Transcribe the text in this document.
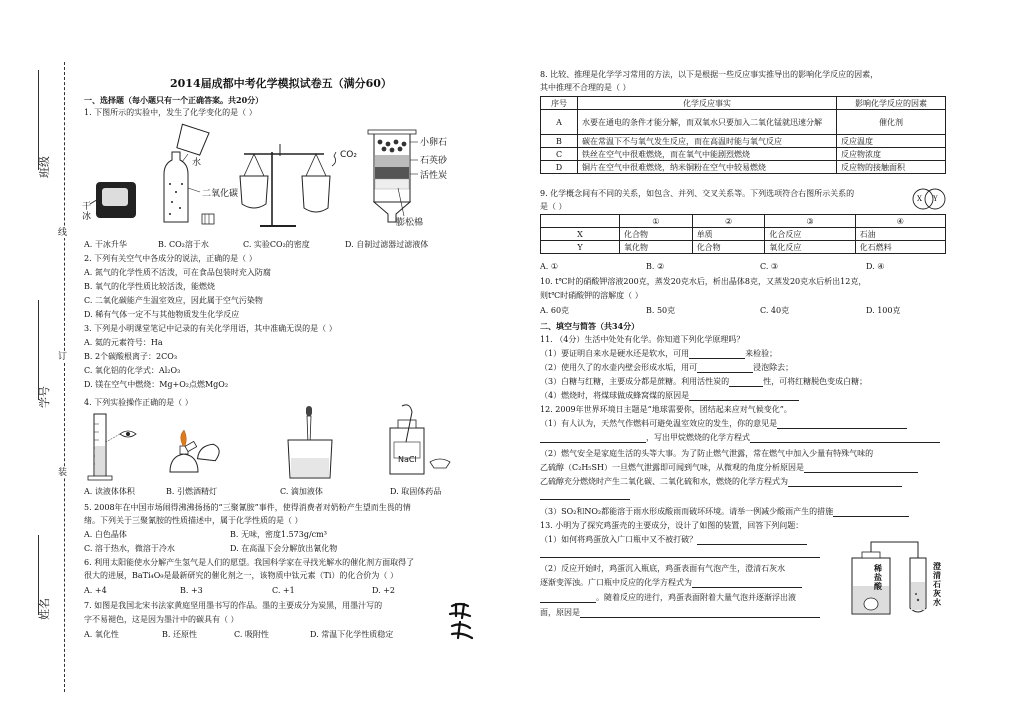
班级
学号
姓名
线
订
装
2014届成都中考化学模拟试卷五（满分60）
一、选择题（每小题只有一个正确答案。共20分）
1. 下图所示的实验中，发生了化学变化的是（ ）
干冰
水
二氧化碳
CO₂
小卵石
石英砂
活性炭
膨松棉
A. 干冰升华	B. CO₂溶于水	C. 实验CO₂的密度	D. 自制过滤器过滤液体
2. 下列有关空气中各成分的说法，正确的是（ ）
A. 氮气的化学性质不活泼，可在食品包装时充入防腐
B. 氧气的化学性质比较活泼，能燃烧
C. 二氧化碳能产生温室效应，因此属于空气污染物
D. 稀有气体一定不与其他物质发生化学反应
3. 下列是小明课堂笔记中记录的有关化学用语，其中准确无误的是（ ）
A. 氦的元素符号：Ha
B. 2个碳酸根离子：2CO₃
C. 氧化铝的化学式：Al₂O₃
D. 镁在空气中燃烧：Mg+O₂点燃MgO₂
4. 下列实验操作正确的是（ ）
NaCl
A. 读液体体积	B. 引燃酒精灯	C. 滴加液体	D. 取固体药品
5. 2008年在中国市场闹得沸沸扬扬的“三聚氰胺”事件，使得消费者对奶粉产生望而生畏的情
绪。下列关于三聚氰胺的性质描述中，属于化学性质的是（ ）
A. 白色晶体	B. 无味，密度1.573g/cm³
C. 溶于热水，微溶于冷水	D. 在高温下会分解放出氰化物
6. 利用太阳能使水分解产生氢气是人们的愿望。我国科学家在寻找光解水的催化剂方面取得了
很大的进展，BaTi₄O₉是最新研究的催化剂之一，该物质中钛元素（Ti）的化合价为（ ）
A. +4	B. +3	C. +1	D. +2
7. 如图是我国北宋书法家黄庭坚用墨书写的作品。墨的主要成分为炭黑，用墨汁写的
字不易褪色，这是因为墨汁中的碳具有（ ）
A. 氧化性	B. 还原性	C. 吸附性	D. 常温下化学性质稳定
8. 比较、推理是化学学习常用的方法，以下是根据一些反应事实推导出的影响化学反应的因素，
其中推理不合理的是（ ）
序号	化学反应事实	影响化学反应的因素
A	水要在通电的条件才能分解，而双氧水只要加入二氧化锰就迅速分解	催化剂
B	碳在常温下不与氧气发生反应，而在高温时能与氧气反应	反应温度
C	铁丝在空气中很难燃烧，而在氧气中能剧烈燃烧	反应物浓度
D	铜片在空气中很难燃烧，纳米铜粉在空气中较易燃烧	反应物的接触面积
9. 化学概念间有不同的关系，如包含、并列、交叉关系等。下列选项符合右图所示关系的
是（ ）
X Y
	①	②	③	④
X	化合物	单质	化合反应	石油
Y	氧化物	化合物	氧化反应	化石燃料
A. ①	B. ②	C. ③	D. ④
10. t℃时的硝酸钾溶液200克，蒸发20克水后，析出晶体8克，又蒸发20克水后析出12克，
则t℃时硝酸钾的溶解度（ ）
A. 60克	B. 50克	C. 40克	D. 100克
二、填空与简答（共34分）
11. （4分）生活中处处有化学。你知道下列化学原理吗？
（1）要证明自来水是硬水还是软水，可用	来检验；
（2）使用久了的水壶内壁会形成水垢，用可	浸泡除去；
（3）白糖与红糖，主要成分都是蔗糖。利用活性炭的	性，可将红糖脱色变成白糖；
（4）燃烧时，将煤球做成蜂窝煤的原因是
12. 2009年世界环境日主题是“地球需要你，团结起来应对气候变化”。
（1）有人认为，天然气作燃料可避免温室效应的发生，你的意见是
，写出甲烷燃烧的化学方程式
（2）燃气安全是家庭生活的头等大事。为了防止燃气泄露，常在燃气中加入少量有特殊气味的
乙硫醇（C₂H₅SH）一旦燃气泄露即可闻到气味，从微观的角度分析原因是
乙硫醇充分燃烧时产生二氧化碳、二氧化硫和水，燃烧的化学方程式为
（3）SO₂和NO₂都能溶于雨水形成酸雨而破坏环境。请举一例减少酸雨产生的措施
13. 小明为了探究鸡蛋壳的主要成分，设计了如图的装置，回答下列问题：
（1）如何将鸡蛋放入广口瓶中又不被打破？
（2）反应开始时，鸡蛋沉入瓶底，鸡蛋表面有气泡产生，澄清石灰水
逐渐变浑浊。广口瓶中反应的化学方程式为
。随着反应的进行，鸡蛋表面附着大量气泡并逐渐浮出液
面，原因是
稀盐酸
澄清石灰水
